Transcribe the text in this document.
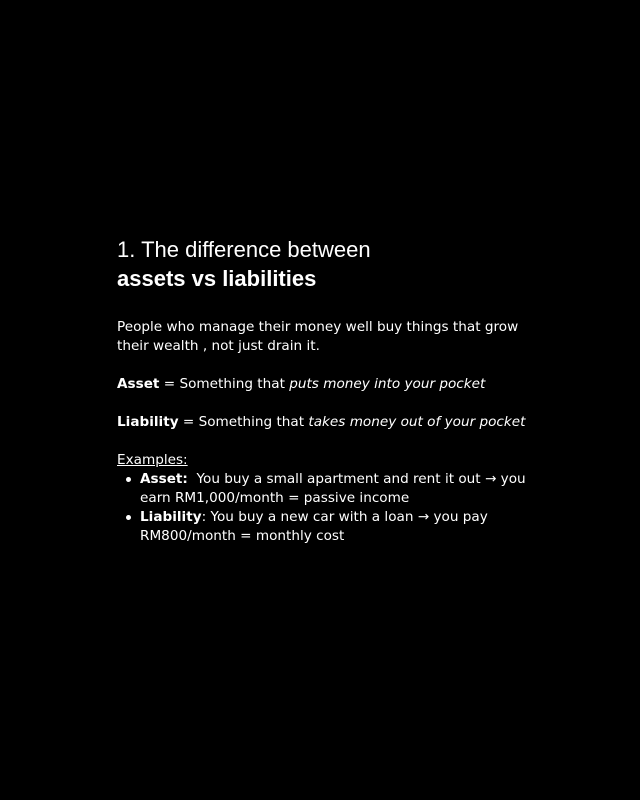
1. The difference between
assets vs liabilities

People who manage their money well buy things that grow
their wealth , not just drain it.

Asset = Something that puts money into your pocket

Liability = Something that takes money out of your pocket

Examples:

Asset:  You buy a small apartment and rent it out → you
earn RM1,000/month = passive income
Liability: You buy a new car with a loan → you pay
RM800/month = monthly cost
